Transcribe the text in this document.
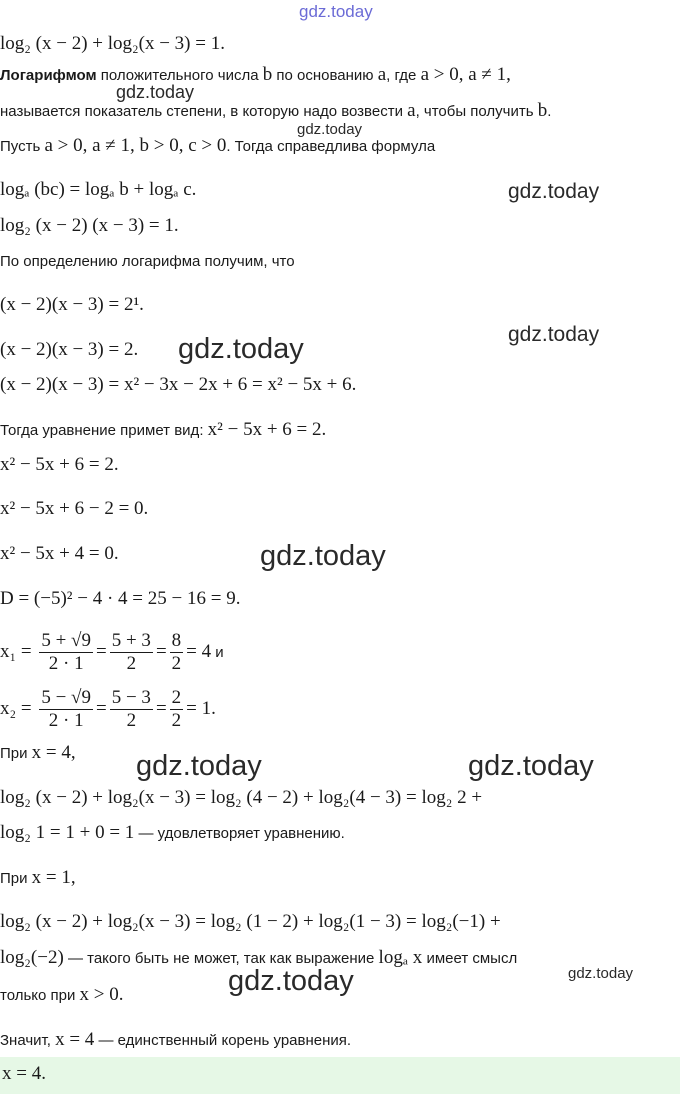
gdz.today
gdz.today
gdz.today
gdz.today
gdz.today
gdz.today
gdz.today
gdz.today	gdz.today
gdz.today
gdz.today
log₂ (x − 2) + log₂(x − 3) = 1.
Логарифмом положительного числа b по основанию a, где a > 0, a ≠ 1,
называется показатель степени, в которую надо возвести a, чтобы получить b.
Пусть a > 0, a ≠ 1, b > 0, c > 0. Тогда справедлива формула
logₐ (bc) = logₐ b + logₐ c.
log₂ (x − 2) (x − 3) = 1.
По определению логарифма получим, что
(x − 2)(x − 3) = 2¹.
(x − 2)(x − 3) = 2.
(x − 2)(x − 3) = x² − 3x − 2x + 6 = x² − 5x + 6.
Тогда уравнение примет вид: x² − 5x + 6 = 2.
x² − 5x + 6 = 2.
x² − 5x + 6 − 2 = 0.
x² − 5x + 4 = 0.
D = (−5)² − 4 · 4 = 25 − 16 = 9.
$x_1 = \frac{5 + √9}{2 \cdot 1} = \frac{5 + 3}{2} = \frac{8}{2} = 4$ и
$x_2 = \frac{5 - √9}{2 \cdot 1} = \frac{5 - 3}{2} = \frac{2}{2} = 1$.
При x = 4,
log₂ (x − 2) + log₂(x − 3) = log₂ (4 − 2) + log₂(4 − 3) = log₂ 2 +
log₂ 1 = 1 + 0 = 1 — удовлетворяет уравнению.
При x = 1,
log₂ (x − 2) + log₂(x − 3) = log₂ (1 − 2) + log₂(1 − 3) = log₂(−1) +
log₂(−2) — такого быть не может, так как выражение logₐ x имеет смысл
только при x > 0.
Значит, x = 4 — единственный корень уравнения.
x = 4.
